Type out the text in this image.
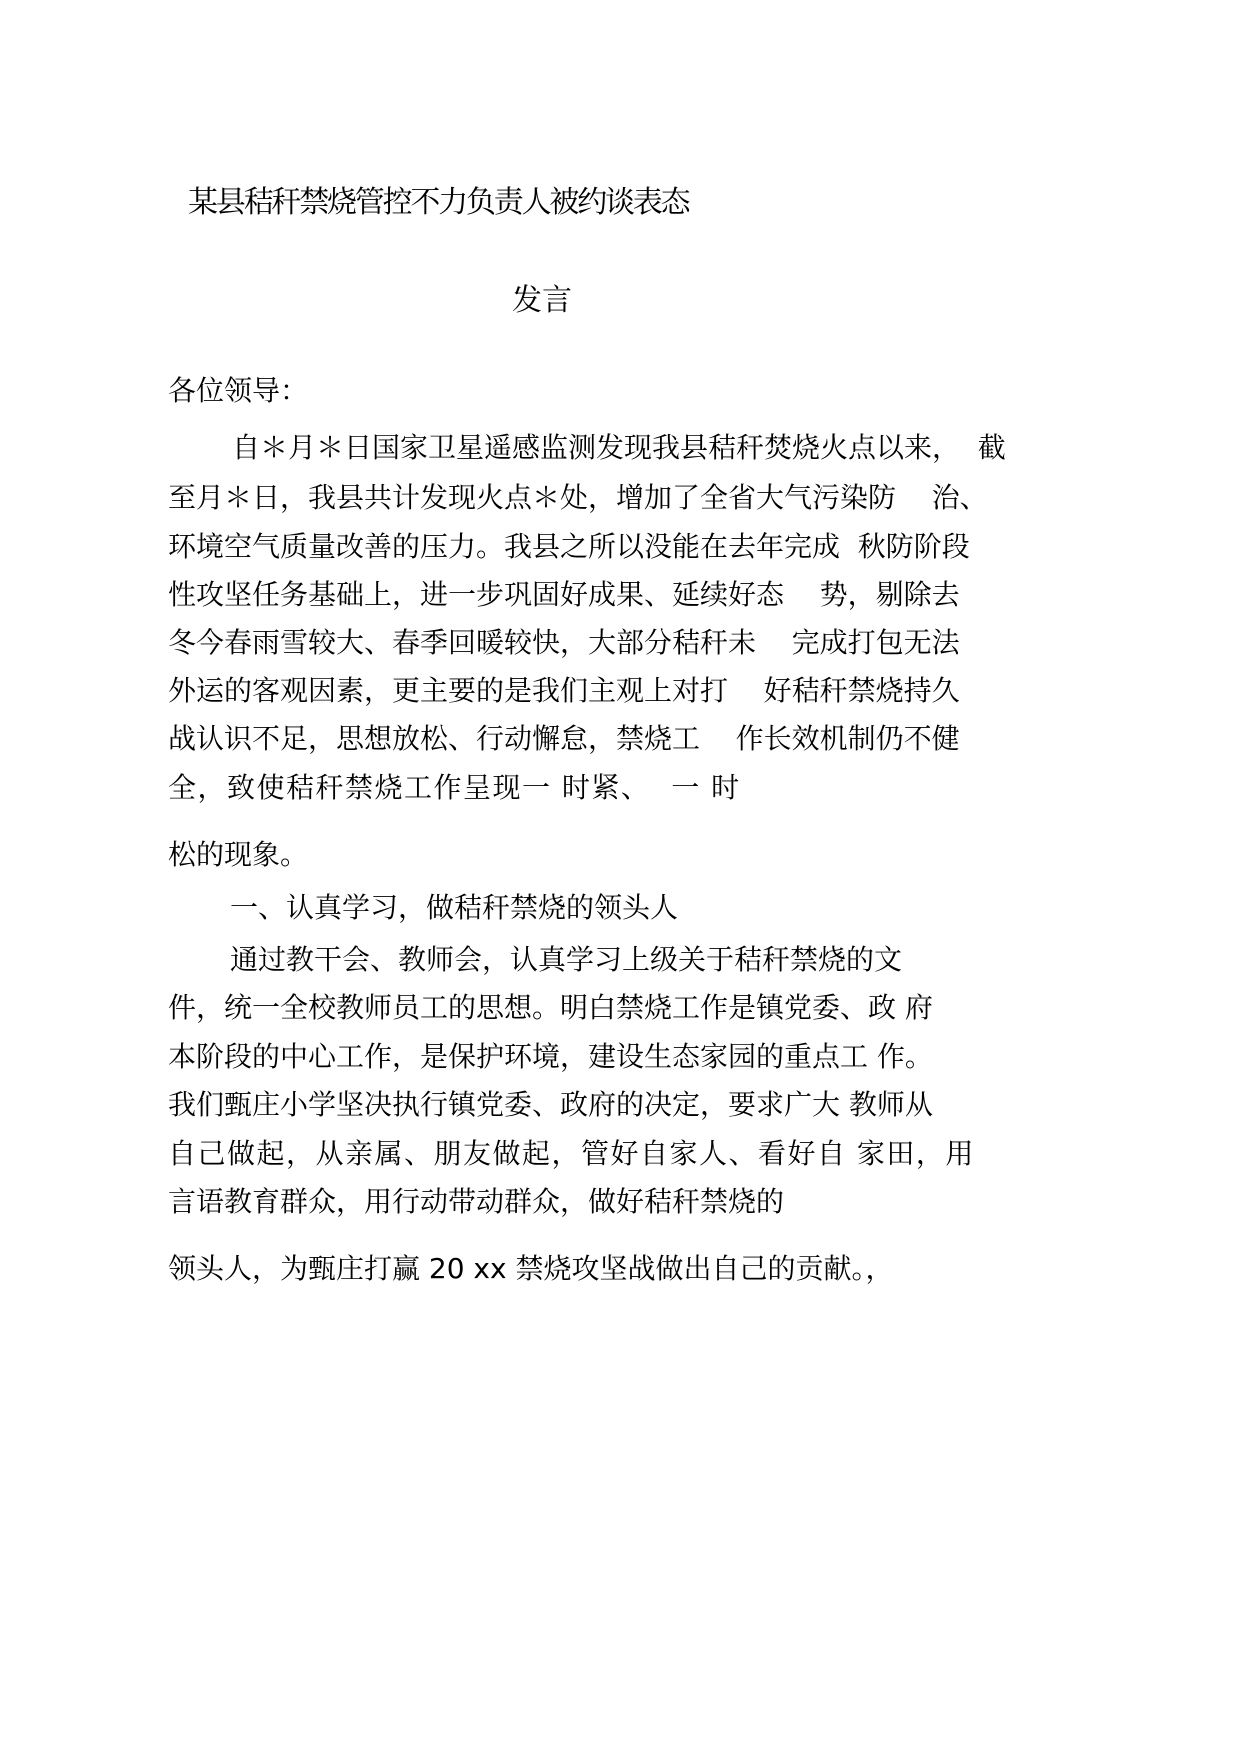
某县秸秆禁烧管控不力负责人被约谈表态
发言
各位领导：
自＊月＊日国家卫星遥感监测发现我县秸秆焚烧火点以来，  截
至月＊日，我县共计发现火点＊处，增加了全省大气污染防    治、
环境空气质量改善的压力。我县之所以没能在去年完成  秋防阶段
性攻坚任务基础上，进一步巩固好成果、延续好态    势，剔除去
冬今春雨雪较大、春季回暖较快，大部分秸秆未    完成打包无法
外运的客观因素，更主要的是我们主观上对打    好秸秆禁烧持久
战认识不足，思想放松、行动懈怠，禁烧工    作长效机制仍不健
全，致使秸秆禁烧工作呈现一 时紧、  一 时
松的现象。
一、认真学习，做秸秆禁烧的领头人
通过教干会、教师会，认真学习上级关于秸秆禁烧的文
件，统一全校教师员工的思想。明白禁烧工作是镇党委、政 府
本阶段的中心工作，是保护环境，建设生态家园的重点工 作。
我们甄庄小学坚决执行镇党委、政府的决定，要求广大 教师从
自己做起，从亲属、朋友做起，管好自家人、看好自 家田，用
言语教育群众，用行动带动群众，做好秸秆禁烧的
领头人，为甄庄打赢 20 xx 禁烧攻坚战做出自己的贡献。，
